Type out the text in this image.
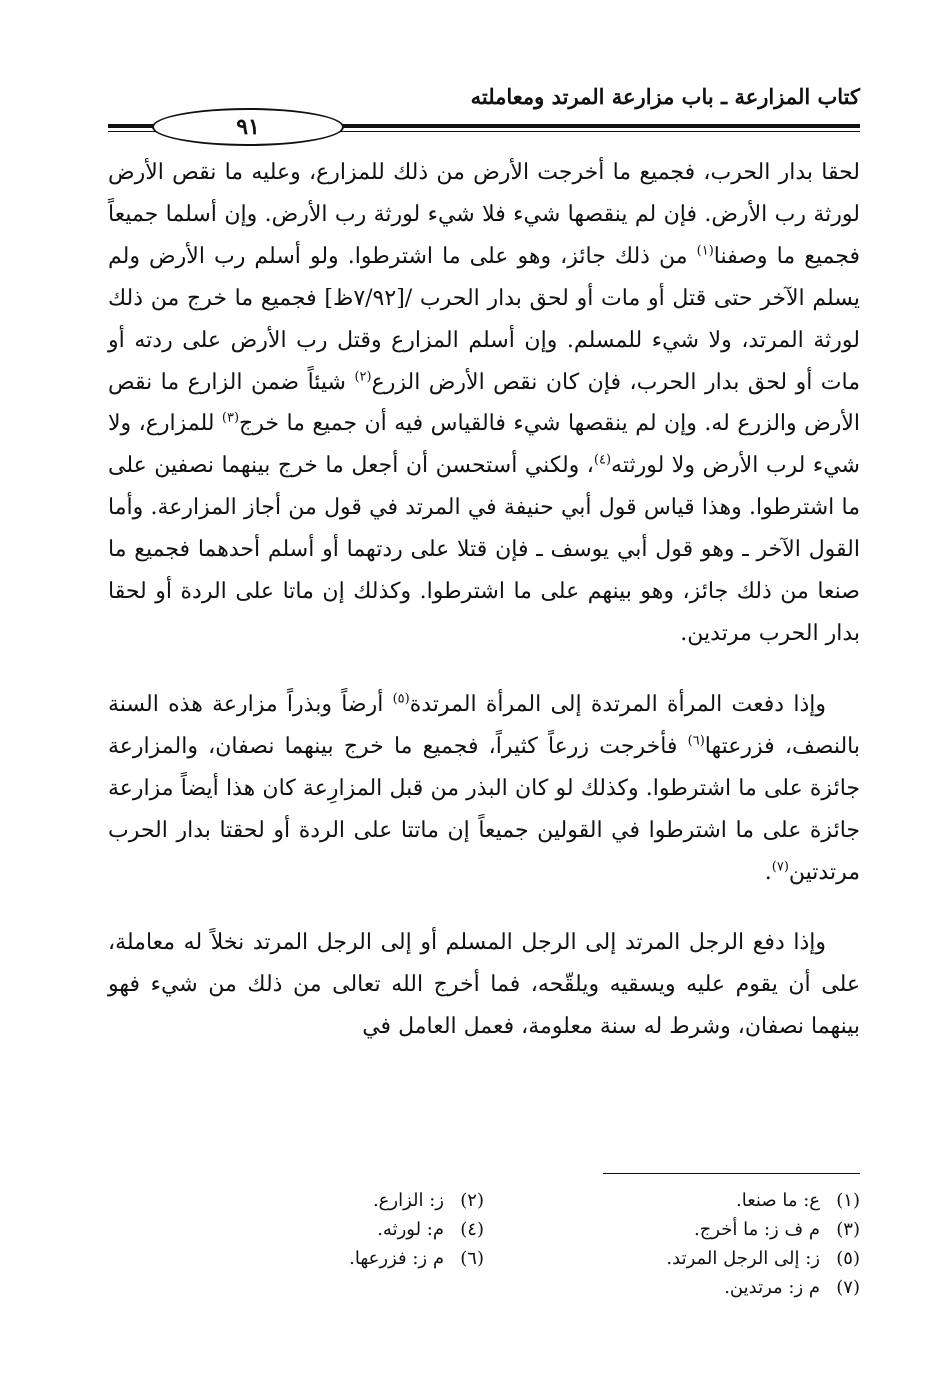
كتاب المزارعة ـ باب مزارعة المرتد ومعاملته
٩١

لحقا بدار الحرب، فجميع ما أخرجت الأرض من ذلك للمزارع، وعليه ما نقص الأرض لورثة رب الأرض. فإن لم ينقصها شيء فلا شيء لورثة رب الأرض. وإن أسلما جميعاً فجميع ما وصفنا$^{(١)}$ من ذلك جائز، وهو على ما اشترطوا. ولو أسلم رب الأرض ولم يسلم الآخر حتى قتل أو مات أو لحق بدار الحرب /[٧/٩٢ظ] فجميع ما خرج من ذلك لورثة المرتد، ولا شيء للمسلم. وإن أسلم المزارع وقتل رب الأرض على ردته أو مات أو لحق بدار الحرب، فإن كان نقص الأرض الزرع$^{(٢)}$ شيئاً ضمن الزارع ما نقص الأرض والزرع له. وإن لم ينقصها شيء فالقياس فيه أن جميع ما خرج$^{(٣)}$ للمزارع، ولا شيء لرب الأرض ولا لورثته$^{(٤)}$، ولكني أستحسن أن أجعل ما خرج بينهما نصفين على ما اشترطوا. وهذا قياس قول أبي حنيفة في المرتد في قول من أجاز المزارعة. وأما القول الآخر ـ وهو قول أبي يوسف ـ فإن قتلا على ردتهما أو أسلم أحدهما فجميع ما صنعا من ذلك جائز، وهو بينهم على ما اشترطوا. وكذلك إن ماتا على الردة أو لحقا بدار الحرب مرتدين.

وإذا دفعت المرأة المرتدة إلى المرأة المرتدة$^{(٥)}$ أرضاً وبذراً مزارعة هذه السنة بالنصف، فزرعتها$^{(٦)}$ فأخرجت زرعاً كثيراً، فجميع ما خرج بينهما نصفان، والمزارعة جائزة على ما اشترطوا. وكذلك لو كان البذر من قبل المزارِعة كان هذا أيضاً مزارعة جائزة على ما اشترطوا في القولين جميعاً إن ماتتا على الردة أو لحقتا بدار الحرب مرتدتين$^{(٧)}$.

وإذا دفع الرجل المرتد إلى الرجل المسلم أو إلى الرجل المرتد نخلاً له معاملة، على أن يقوم عليه ويسقيه ويلقّحه، فما أخرج الله تعالى من ذلك من شيء فهو بينهما نصفان، وشرط له سنة معلومة، فعمل العامل في

(١)ع: ما صنعا.
(٢)ز: الزارع.
(٣)م ف ز: ما أخرج.
(٤)م: لورثه.
(٥)ز: إلى الرجل المرتد.
(٦)م ز: فزرعها.
(٧)م ز: مرتدين.
